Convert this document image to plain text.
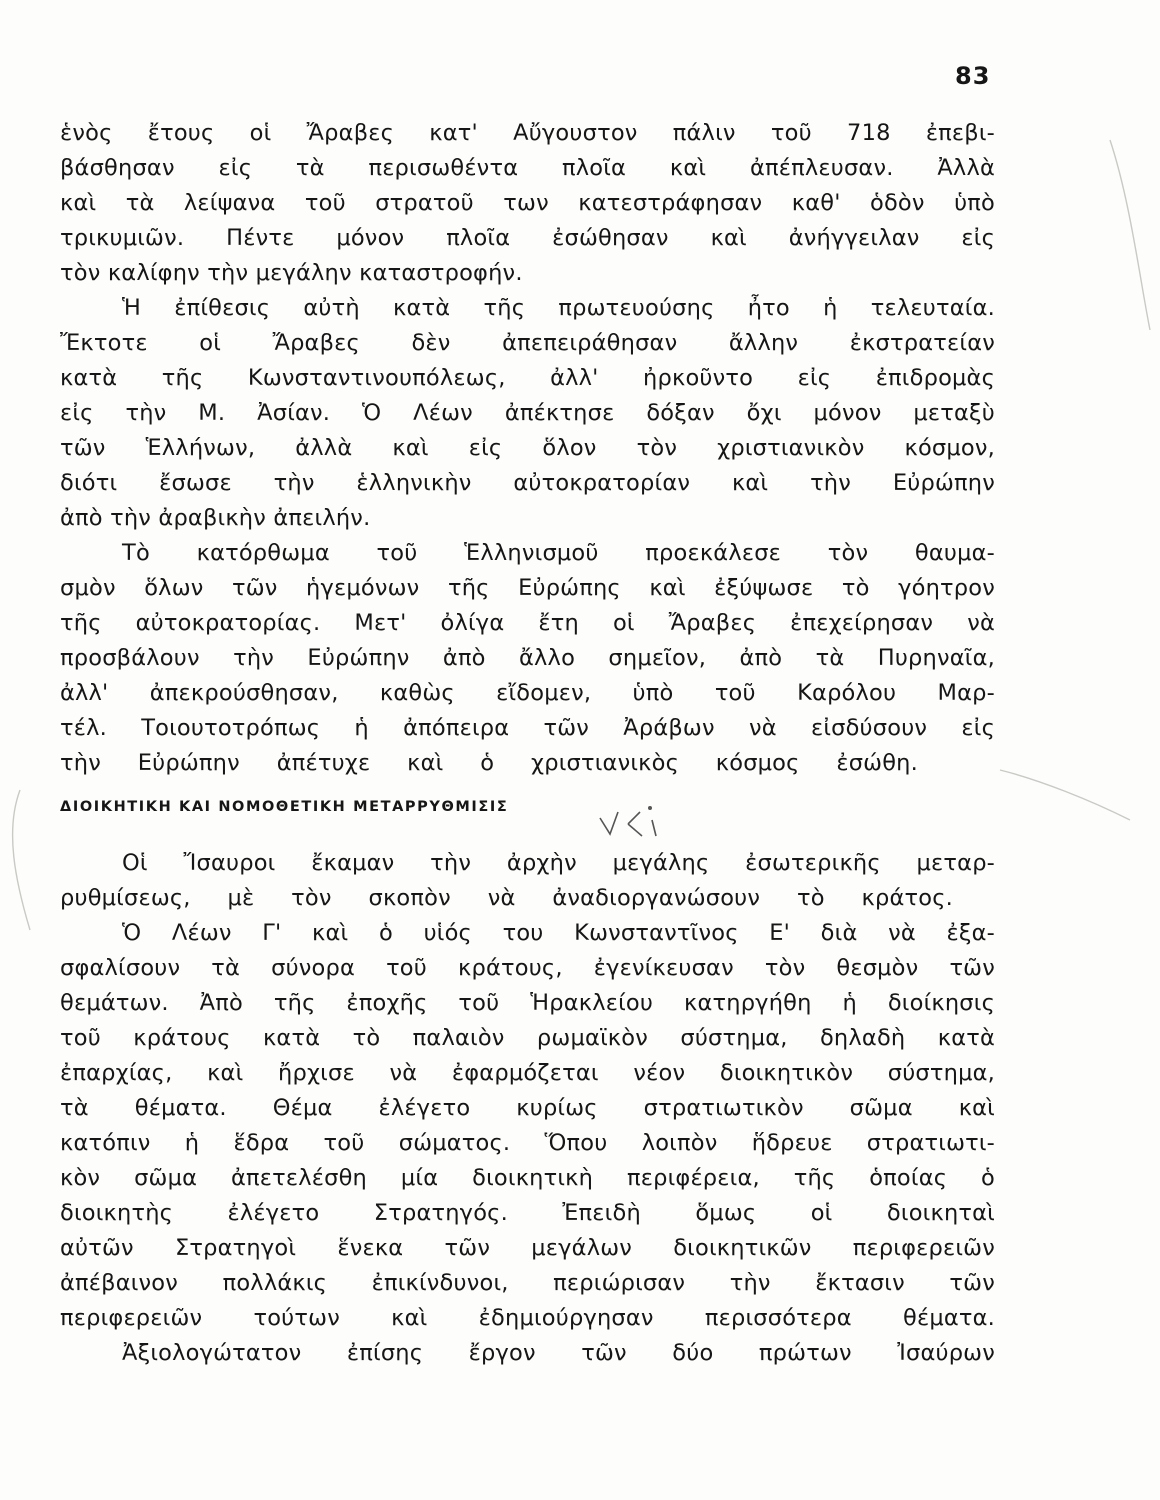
83
ἑνὸς ἔτους οἱ Ἄραβες κατ' Αὔγουστον πάλιν τοῦ 718 ἐπεβι-
βάσθησαν εἰς τὰ περισωθέντα πλοῖα καὶ ἀπέπλευσαν. Ἀλλὰ
καὶ τὰ λείψανα τοῦ στρατοῦ των κατεστράφησαν καθ' ὁδὸν ὑπὸ
τρικυμιῶν. Πέντε μόνον πλοῖα ἐσώθησαν καὶ ἀνήγγειλαν εἰς
τὸν καλίφην τὴν μεγάλην καταστροφήν.
Ἡ ἐπίθεσις αὐτὴ κατὰ τῆς πρωτευούσης ἦτο ἡ τελευταία.
Ἔκτοτε οἱ Ἄραβες δὲν ἀπεπειράθησαν ἄλλην ἐκστρατείαν
κατὰ τῆς Κωνσταντινουπόλεως, ἀλλ' ἠρκοῦντο εἰς ἐπιδρομὰς
εἰς τὴν Μ. Ἀσίαν. Ὁ Λέων ἀπέκτησε δόξαν ὄχι μόνον μεταξὺ
τῶν Ἑλλήνων, ἀλλὰ καὶ εἰς ὅλον τὸν χριστιανικὸν κόσμον,
διότι ἔσωσε τὴν ἑλληνικὴν αὐτοκρατορίαν καὶ τὴν Εὐρώπην
ἀπὸ τὴν ἀραβικὴν ἀπειλήν.
Τὸ κατόρθωμα τοῦ Ἑλληνισμοῦ προεκάλεσε τὸν θαυμα-
σμὸν ὅλων τῶν ἡγεμόνων τῆς Εὐρώπης καὶ ἐξύψωσε τὸ γόητρον
τῆς αὐτοκρατορίας. Μετ' ὀλίγα ἔτη οἱ Ἄραβες ἐπεχείρησαν νὰ
προσβάλουν τὴν Εὐρώπην ἀπὸ ἄλλο σημεῖον, ἀπὸ τὰ Πυρηναῖα,
ἀλλ' ἀπεκρούσθησαν, καθὼς εἴδομεν, ὑπὸ τοῦ Καρόλου Μαρ-
τέλ. Τοιουτοτρόπως ἡ ἀπόπειρα τῶν Ἀράβων νὰ εἰσδύσουν εἰς
τὴν Εὐρώπην ἀπέτυχε καὶ ὁ χριστιανικὸς κόσμος ἐσώθη.
ΔΙΟΙΚΗΤΙΚΗ ΚΑΙ ΝΟΜΟΘΕΤΙΚΗ ΜΕΤΑΡΡΥΘΜΙΣΙΣ
Οἱ Ἴσαυροι ἔκαμαν τὴν ἀρχὴν μεγάλης ἐσωτερικῆς μεταρ-
ρυθμίσεως, μὲ τὸν σκοπὸν νὰ ἀναδιοργανώσουν τὸ κράτος.
Ὁ Λέων Γ' καὶ ὁ υἱός του Κωνσταντῖνος Ε' διὰ νὰ ἐξα-
σφαλίσουν τὰ σύνορα τοῦ κράτους, ἐγενίκευσαν τὸν θεσμὸν τῶν
θεμάτων. Ἀπὸ τῆς ἐποχῆς τοῦ Ἡρακλείου κατηργήθη ἡ διοίκησις
τοῦ κράτους κατὰ τὸ παλαιὸν ρωμαϊκὸν σύστημα, δηλαδὴ κατὰ
ἐπαρχίας, καὶ ἤρχισε νὰ ἐφαρμόζεται νέον διοικητικὸν σύστημα,
τὰ θέματα. Θέμα ἐλέγετο κυρίως στρατιωτικὸν σῶμα καὶ
κατόπιν ἡ ἕδρα τοῦ σώματος. Ὅπου λοιπὸν ἥδρευε στρατιωτι-
κὸν σῶμα ἀπετελέσθη μία διοικητικὴ περιφέρεια, τῆς ὁποίας ὁ
διοικητὴς ἐλέγετο Στρατηγός. Ἐπειδὴ ὅμως οἱ διοικηταὶ
αὐτῶν Στρατηγοὶ ἕνεκα τῶν μεγάλων διοικητικῶν περιφερειῶν
ἀπέβαινον πολλάκις ἐπικίνδυνοι, περιώρισαν τὴν ἔκτασιν τῶν
περιφερειῶν τούτων καὶ ἐδημιούργησαν περισσότερα θέματα.
Ἀξιολογώτατον ἐπίσης ἔργον τῶν δύο πρώτων Ἰσαύρων
